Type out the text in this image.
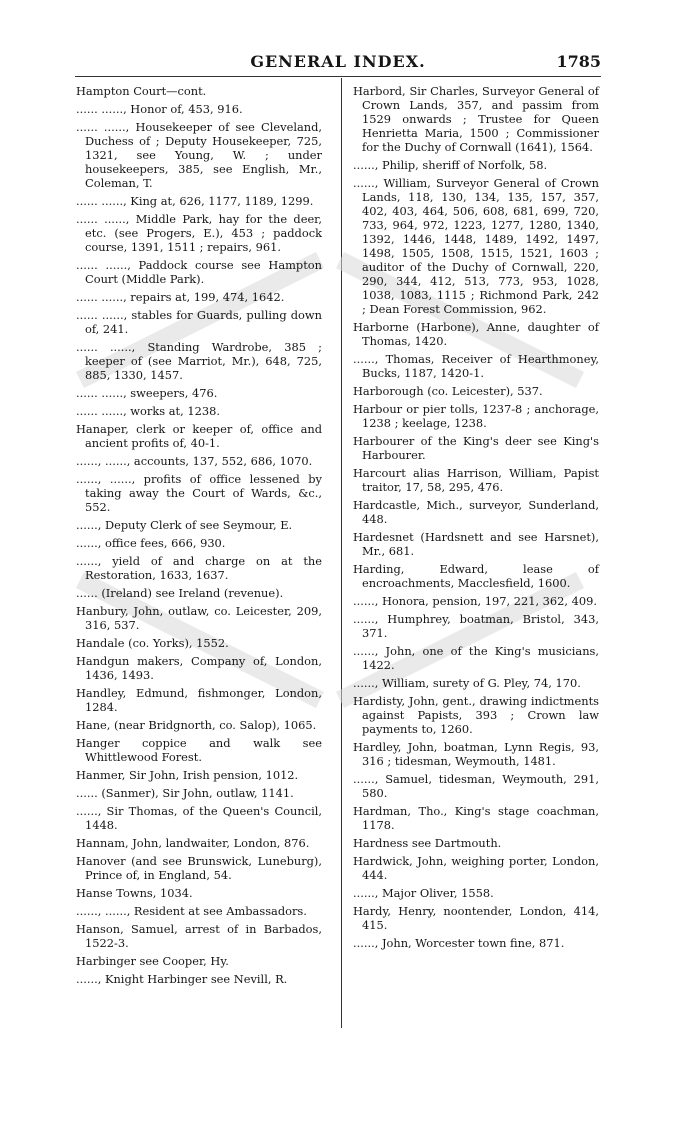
GENERAL INDEX.	1785

Hampton Court—cont.

...... ......, Honor of, 453, 916.

...... ......, Housekeeper of see Cleveland, Duchess of ; Deputy Housekeeper, 725, 1321, see Young, W. ; under housekeepers, 385, see English, Mr., Coleman, T.

...... ......, King at, 626, 1177, 1189, 1299.

...... ......, Middle Park, hay for the deer, etc. (see Progers, E.), 453 ; paddock course, 1391, 1511 ; repairs, 961.

...... ......, Paddock course see Hampton Court (Middle Park).

...... ......, repairs at, 199, 474, 1642.

...... ......, stables for Guards, pulling down of, 241.

...... ......, Standing Wardrobe, 385 ; keeper of (see Marriot, Mr.), 648, 725, 885, 1330, 1457.

...... ......, sweepers, 476.

...... ......, works at, 1238.

Hanaper, clerk or keeper of, office and ancient profits of, 40-1.

......, ......, accounts, 137, 552, 686, 1070.

......, ......, profits of office lessened by taking away the Court of Wards, &c., 552.

......, Deputy Clerk of see Seymour, E.

......, office fees, 666, 930.

......, yield of and charge on at the Restoration, 1633, 1637.

...... (Ireland) see Ireland (revenue).

Hanbury, John, outlaw, co. Leicester, 209, 316, 537.

Handale (co. Yorks), 1552.

Handgun makers, Company of, London, 1436, 1493.

Handley, Edmund, fishmonger, London, 1284.

Hane, (near Bridgnorth, co. Salop), 1065.

Hanger coppice and walk see Whittlewood Forest.

Hanmer, Sir John, Irish pension, 1012.

...... (Sanmer), Sir John, outlaw, 1141.

......, Sir Thomas, of the Queen's Council, 1448.

Hannam, John, landwaiter, London, 876.

Hanover (and see Brunswick, Luneburg), Prince of, in England, 54.

Hanse Towns, 1034.

......, ......, Resident at see Ambassadors.

Hanson, Samuel, arrest of in Barbados, 1522-3.

Harbinger see Cooper, Hy.

......, Knight Harbinger see Nevill, R.

Harbord, Sir Charles, Surveyor General of Crown Lands, 357, and passim from 1529 onwards ; Trustee for Queen Henrietta Maria, 1500 ; Commissioner for the Duchy of Cornwall (1641), 1564.

......, Philip, sheriff of Norfolk, 58.

......, William, Surveyor General of Crown Lands, 118, 130, 134, 135, 157, 357, 402, 403, 464, 506, 608, 681, 699, 720, 733, 964, 972, 1223, 1277, 1280, 1340, 1392, 1446, 1448, 1489, 1492, 1497, 1498, 1505, 1508, 1515, 1521, 1603 ; auditor of the Duchy of Cornwall, 220, 290, 344, 412, 513, 773, 953, 1028, 1038, 1083, 1115 ; Richmond Park, 242 ; Dean Forest Commission, 962.

Harborne (Harbone), Anne, daughter of Thomas, 1420.

......, Thomas, Receiver of Hearthmoney, Bucks, 1187, 1420-1.

Harborough (co. Leicester), 537.

Harbour or pier tolls, 1237-8 ; anchorage, 1238 ; keelage, 1238.

Harbourer of the King's deer see King's Harbourer.

Harcourt alias Harrison, William, Papist traitor, 17, 58, 295, 476.

Hardcastle, Mich., surveyor, Sunderland, 448.

Hardesnet (Hardsnett and see Harsnet), Mr., 681.

Harding, Edward, lease of encroachments, Macclesfield, 1600.

......, Honora, pension, 197, 221, 362, 409.

......, Humphrey, boatman, Bristol, 343, 371.

......, John, one of the King's musicians, 1422.

......, William, surety of G. Pley, 74, 170.

Hardisty, John, gent., drawing indictments against Papists, 393 ; Crown law payments to, 1260.

Hardley, John, boatman, Lynn Regis, 93, 316 ; tidesman, Weymouth, 1481.

......, Samuel, tidesman, Weymouth, 291, 580.

Hardman, Tho., King's stage coachman, 1178.

Hardness see Dartmouth.

Hardwick, John, weighing porter, London, 444.

......, Major Oliver, 1558.

Hardy, Henry, noontender, London, 414, 415.

......, John, Worcester town fine, 871.
